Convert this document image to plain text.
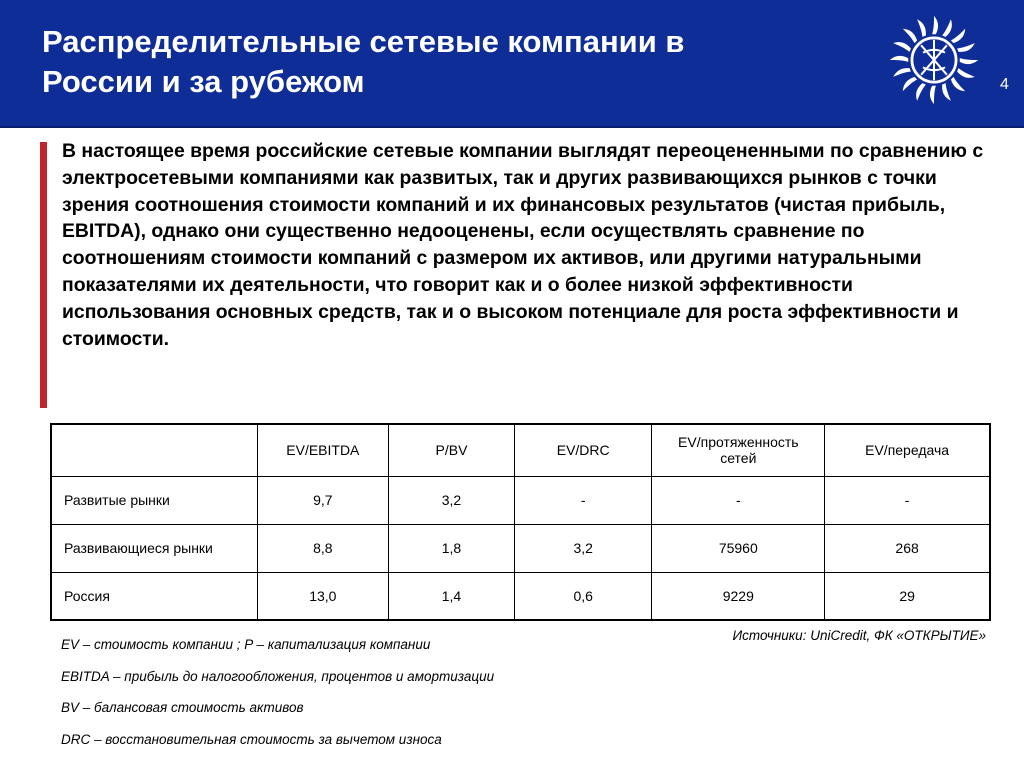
Распределительные сетевые компании в
России и за рубежом	4

В настоящее время российские сетевые компании выглядят переоцененными по сравнению с электросетевыми компаниями как развитых, так и других развивающихся рынков с точки зрения соотношения стоимости компаний и их финансовых результатов (чистая прибыль, EBITDA), однако они существенно недооценены, если осуществлять сравнение по соотношениям стоимости компаний с размером их активов, или другими натуральными показателями их деятельности, что говорит как и о более низкой эффективности использования основных средств, так и о высоком потенциале для роста эффективности и стоимости.

	EV/EBITDA	P/BV	EV/DRC	EV/протяженность сетей	EV/передача
Развитые рынки	9,7	3,2	-	-	-
Развивающиеся рынки	8,8	1,8	3,2	75960	268
Россия	13,0	1,4	0,6	9229	29
Источники: UniCredit, ФК «ОТКРЫТИЕ»
EV – стоимость компании ; P – капитализация компании
EBITDA – прибыль до налогообложения, процентов и амортизации
BV – балансовая стоимость активов
DRC – восстановительная стоимость за вычетом износа
